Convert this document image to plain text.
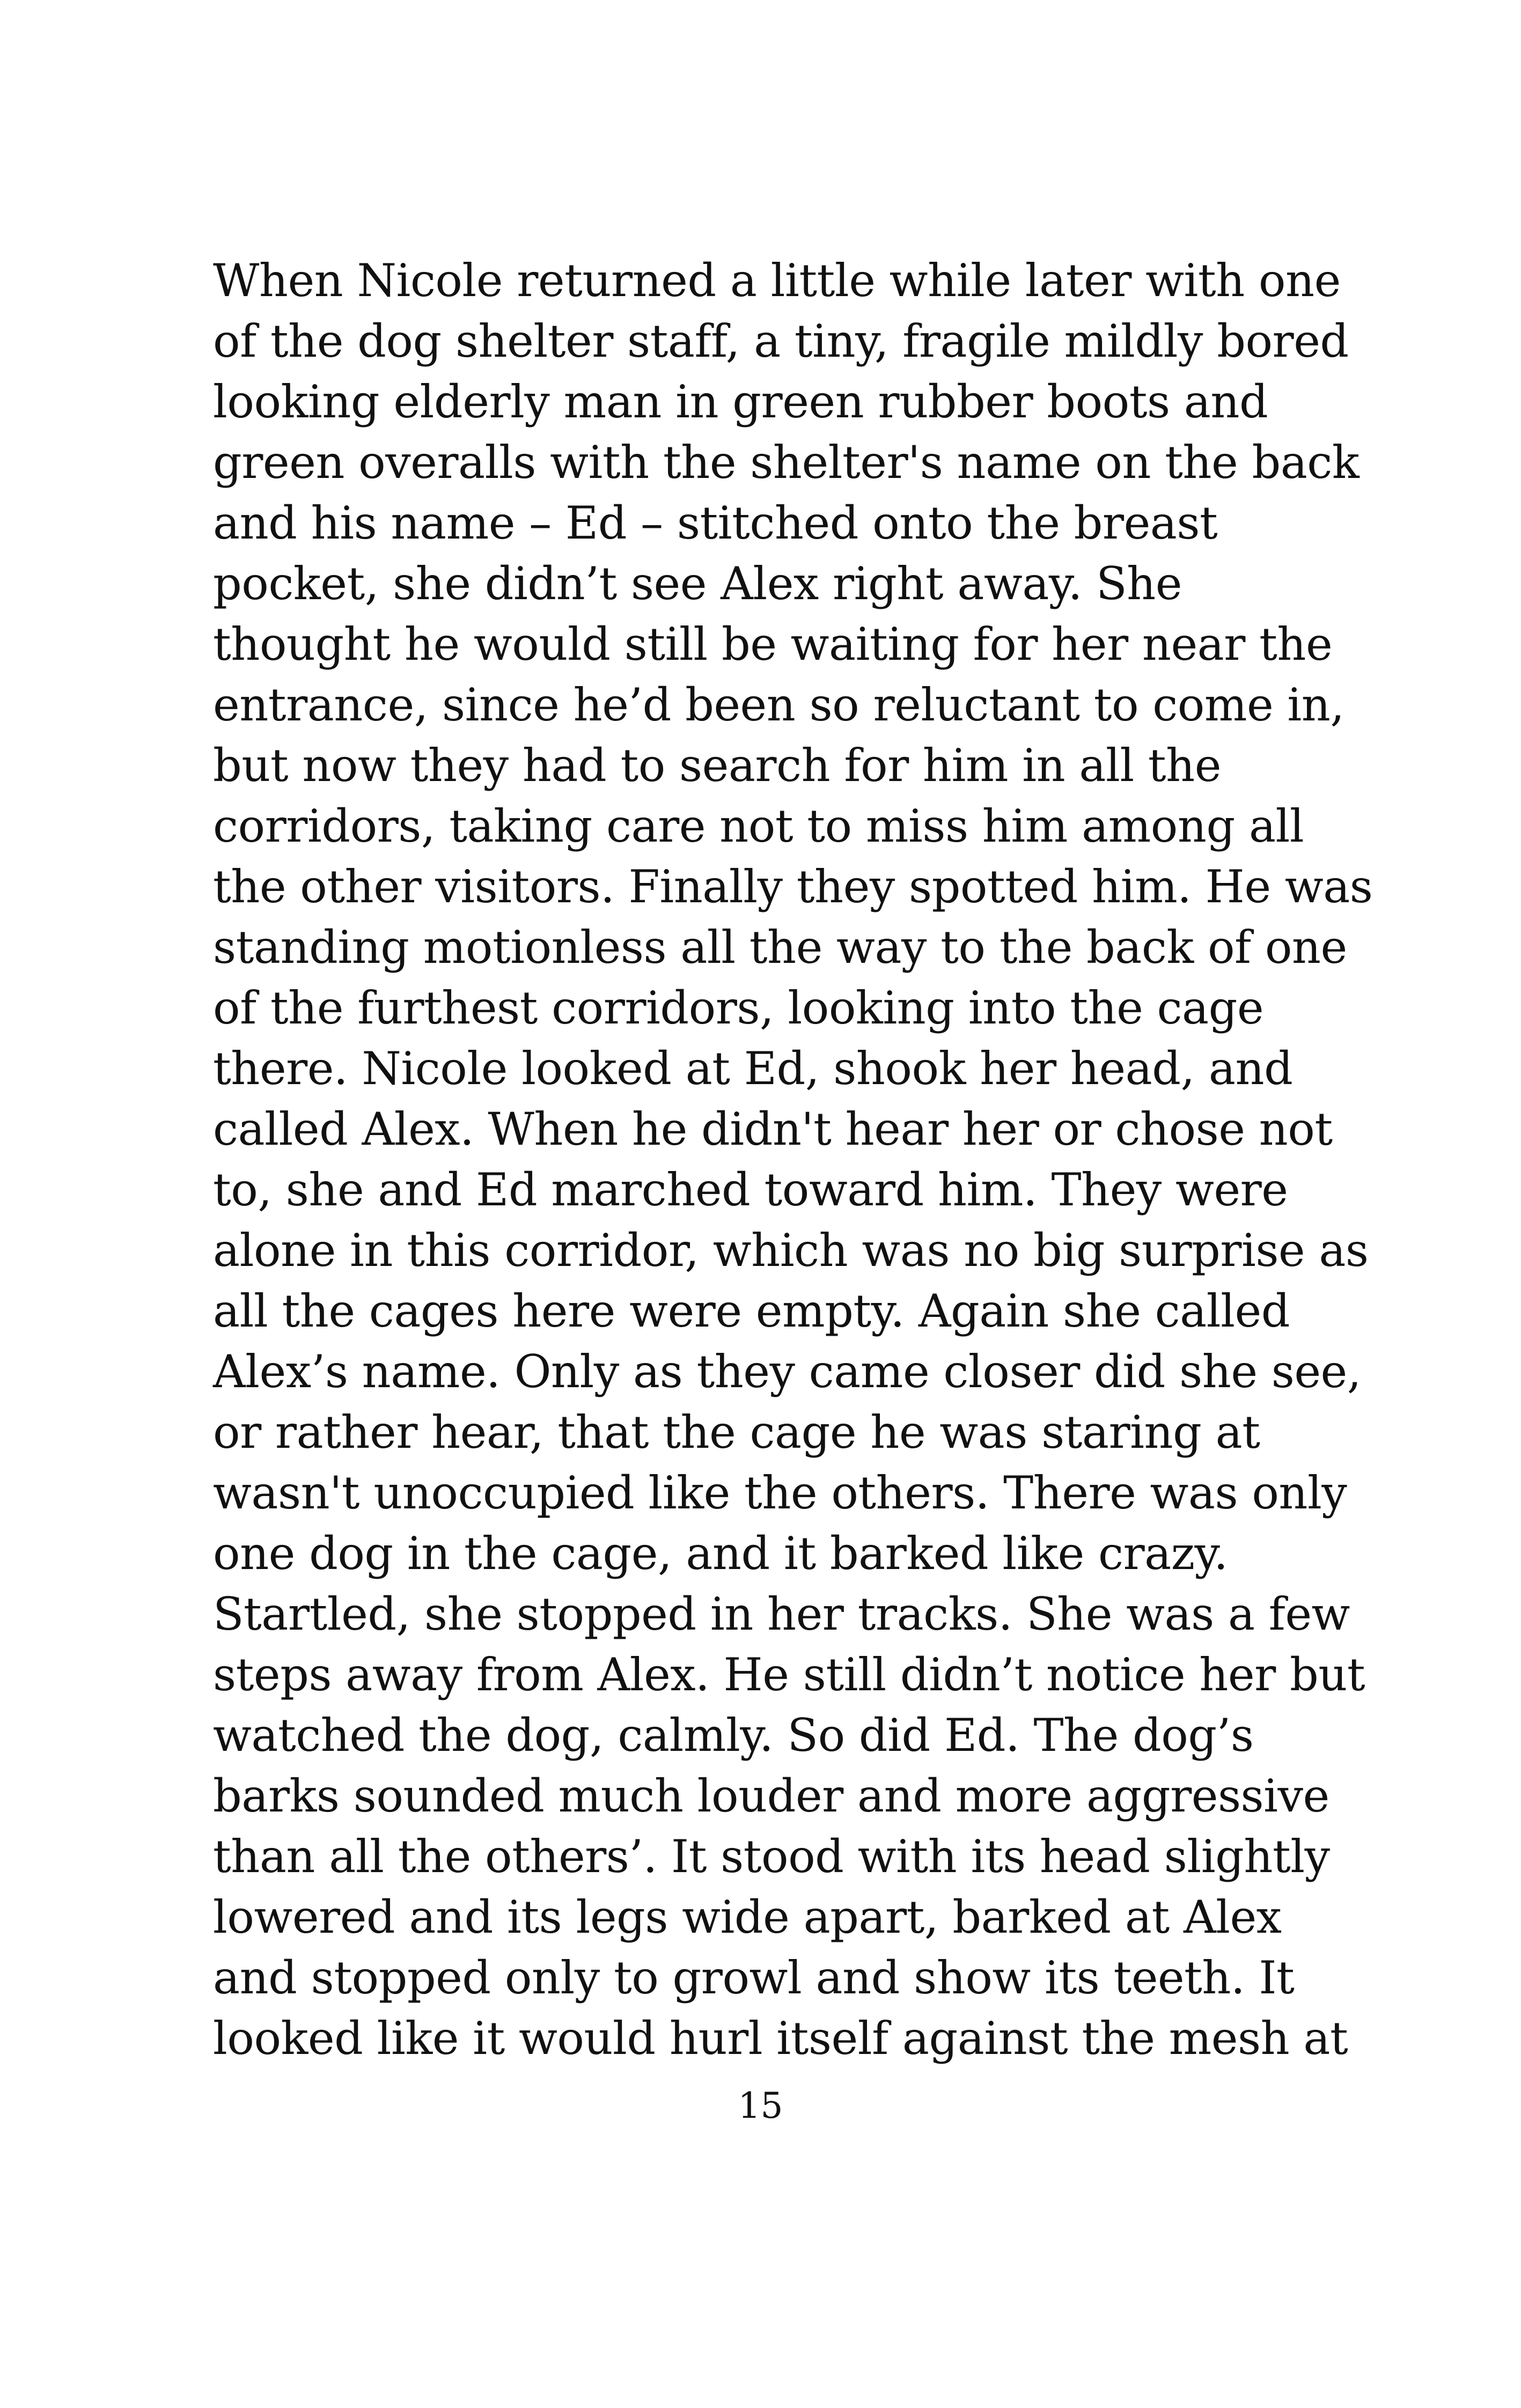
When Nicole returned a little while later with one
of the dog shelter staff, a tiny, fragile mildly bored
looking elderly man in green rubber boots and
green overalls with the shelter's name on the back
and his name – Ed – stitched onto the breast
pocket, she didn’t see Alex right away. She
thought he would still be waiting for her near the
entrance, since he’d been so reluctant to come in,
but now they had to search for him in all the
corridors, taking care not to miss him among all
the other visitors. Finally they spotted him. He was
standing motionless all the way to the back of one
of the furthest corridors, looking into the cage
there. Nicole looked at Ed, shook her head, and
called Alex. When he didn't hear her or chose not
to, she and Ed marched toward him. They were
alone in this corridor, which was no big surprise as
all the cages here were empty. Again she called
Alex’s name. Only as they came closer did she see,
or rather hear, that the cage he was staring at
wasn't unoccupied like the others. There was only
one dog in the cage, and it barked like crazy.
Startled, she stopped in her tracks. She was a few
steps away from Alex. He still didn’t notice her but
watched the dog, calmly. So did Ed. The dog’s
barks sounded much louder and more aggressive
than all the others’. It stood with its head slightly
lowered and its legs wide apart, barked at Alex
and stopped only to growl and show its teeth. It
looked like it would hurl itself against the mesh at
15
